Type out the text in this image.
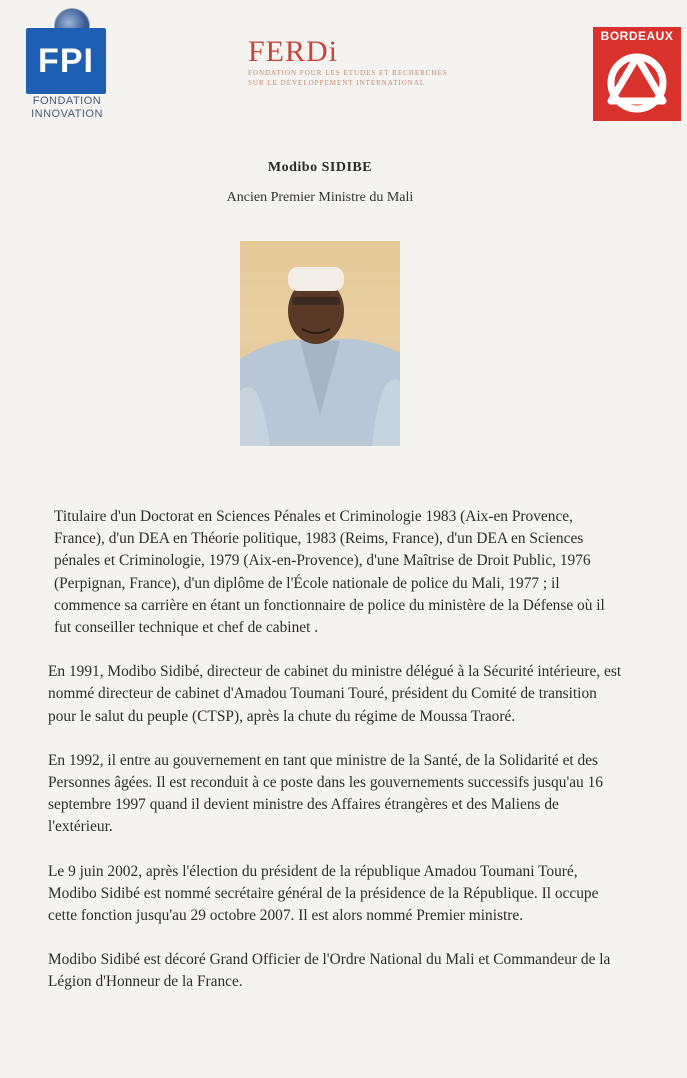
FPI
FONDATION
INNOVATION
FERDi
FONDATION POUR LES ETUDES ET RECHERCHES
SUR LE DEVELOPPEMENT INTERNATIONAL
BORDEAUX
Modibo SIDIBE
Ancien Premier Ministre du Mali

Titulaire d'un Doctorat en Sciences Pénales et Criminologie 1983 (Aix-en Provence, France), d'un DEA en Théorie politique, 1983 (Reims, France), d'un DEA en Sciences pénales et Criminologie, 1979 (Aix-en-Provence), d'une Maîtrise de Droit Public, 1976 (Perpignan, France), d'un diplôme de l'École nationale de police du Mali, 1977 ; il commence sa carrière en étant un fonctionnaire de police du ministère de la Défense où il fut conseiller technique et chef de cabinet .

En 1991, Modibo Sidibé, directeur de cabinet du ministre délégué à la Sécurité intérieure, est nommé directeur de cabinet d'Amadou Toumani Touré, président du Comité de transition pour le salut du peuple (CTSP), après la chute du régime de Moussa Traoré.

En 1992, il entre au gouvernement en tant que ministre de la Santé, de la Solidarité et des Personnes âgées. Il est reconduit à ce poste dans les gouvernements successifs jusqu'au 16 septembre 1997 quand il devient ministre des Affaires étrangères et des Maliens de l'extérieur.

Le 9 juin 2002, après l'élection du président de la république Amadou Toumani Touré, Modibo Sidibé est nommé secrétaire général de la présidence de la République. Il occupe cette fonction jusqu'au 29 octobre 2007. Il est alors nommé Premier ministre.

Modibo Sidibé est décoré Grand Officier de l'Ordre National du Mali et Commandeur de la Légion d'Honneur de la France.
